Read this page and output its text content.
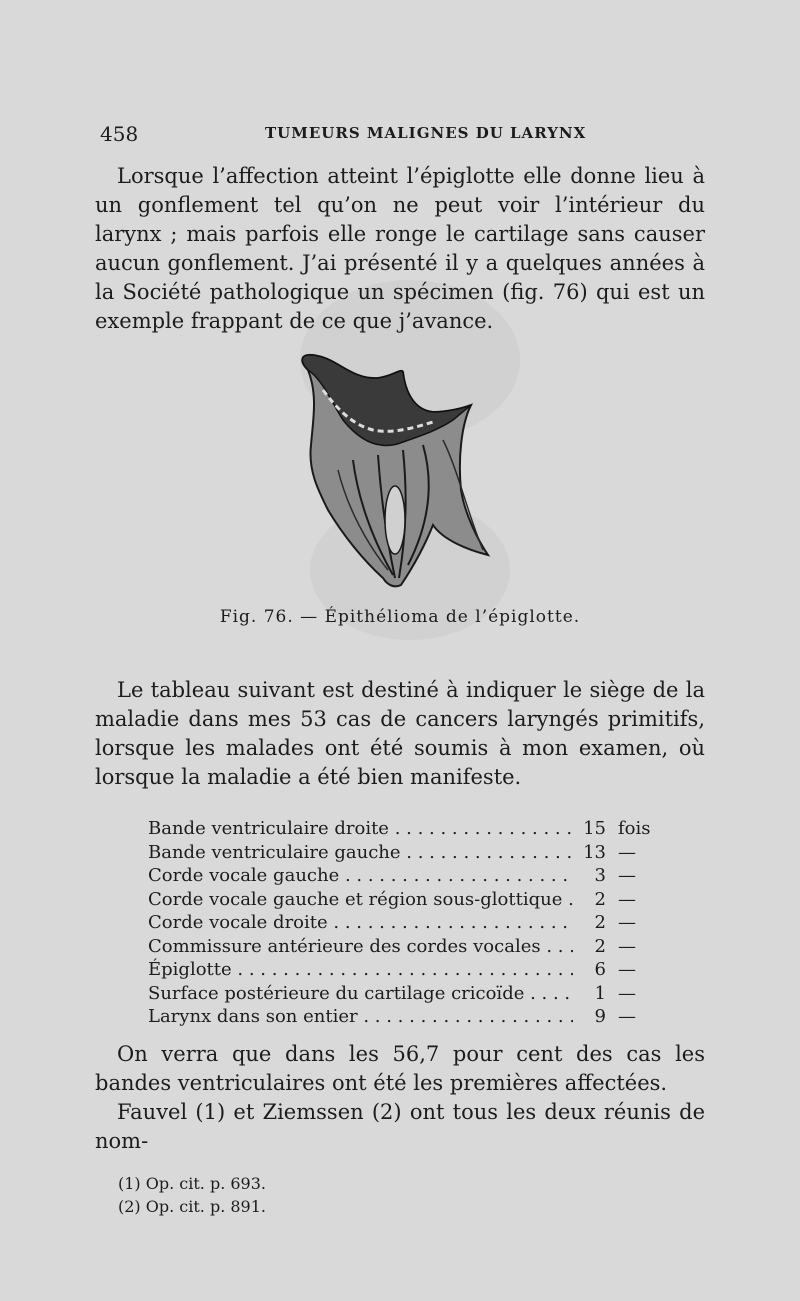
458	TUMEURS MALIGNES DU LARYNX
Lorsque l’affection atteint l’épiglotte elle donne lieu à un gonflement tel qu’on ne peut voir l’intérieur du larynx ; mais parfois elle ronge le cartilage sans causer aucun gonflement. J’ai présenté il y a quelques années à la Société pathologique un spécimen (fig. 76) qui est un exemple frappant de ce que j’avance.
Fig. 76. — Épithélioma de l’épiglotte.
Le tableau suivant est destiné à indiquer le siège de la maladie dans mes 53 cas de cancers laryngés primitifs, lorsque les malades ont été soumis à mon examen, où lorsque la maladie a été bien manifeste.
Bande ventriculaire droite . . .	15 fois
Bande ventriculaire gauche . . .	13 —
Corde vocale gauche . . .	3 —
Corde vocale gauche et région sous-glottique . . .	2 —
Corde vocale droite . . .	2 —
Commissure antérieure des cordes vocales . . .	2 —
Épiglotte . . .	6 —
Surface postérieure du cartilage cricoïde . . .	1 —
Larynx dans son entier . . .	9 —
On verra que dans les 56,7 pour cent des cas les bandes ventriculaires ont été les premières affectées.
Fauvel (1) et Ziemssen (2) ont tous les deux réunis de nom-
(1) Op. cit. p. 693.
(2) Op. cit. p. 891.
